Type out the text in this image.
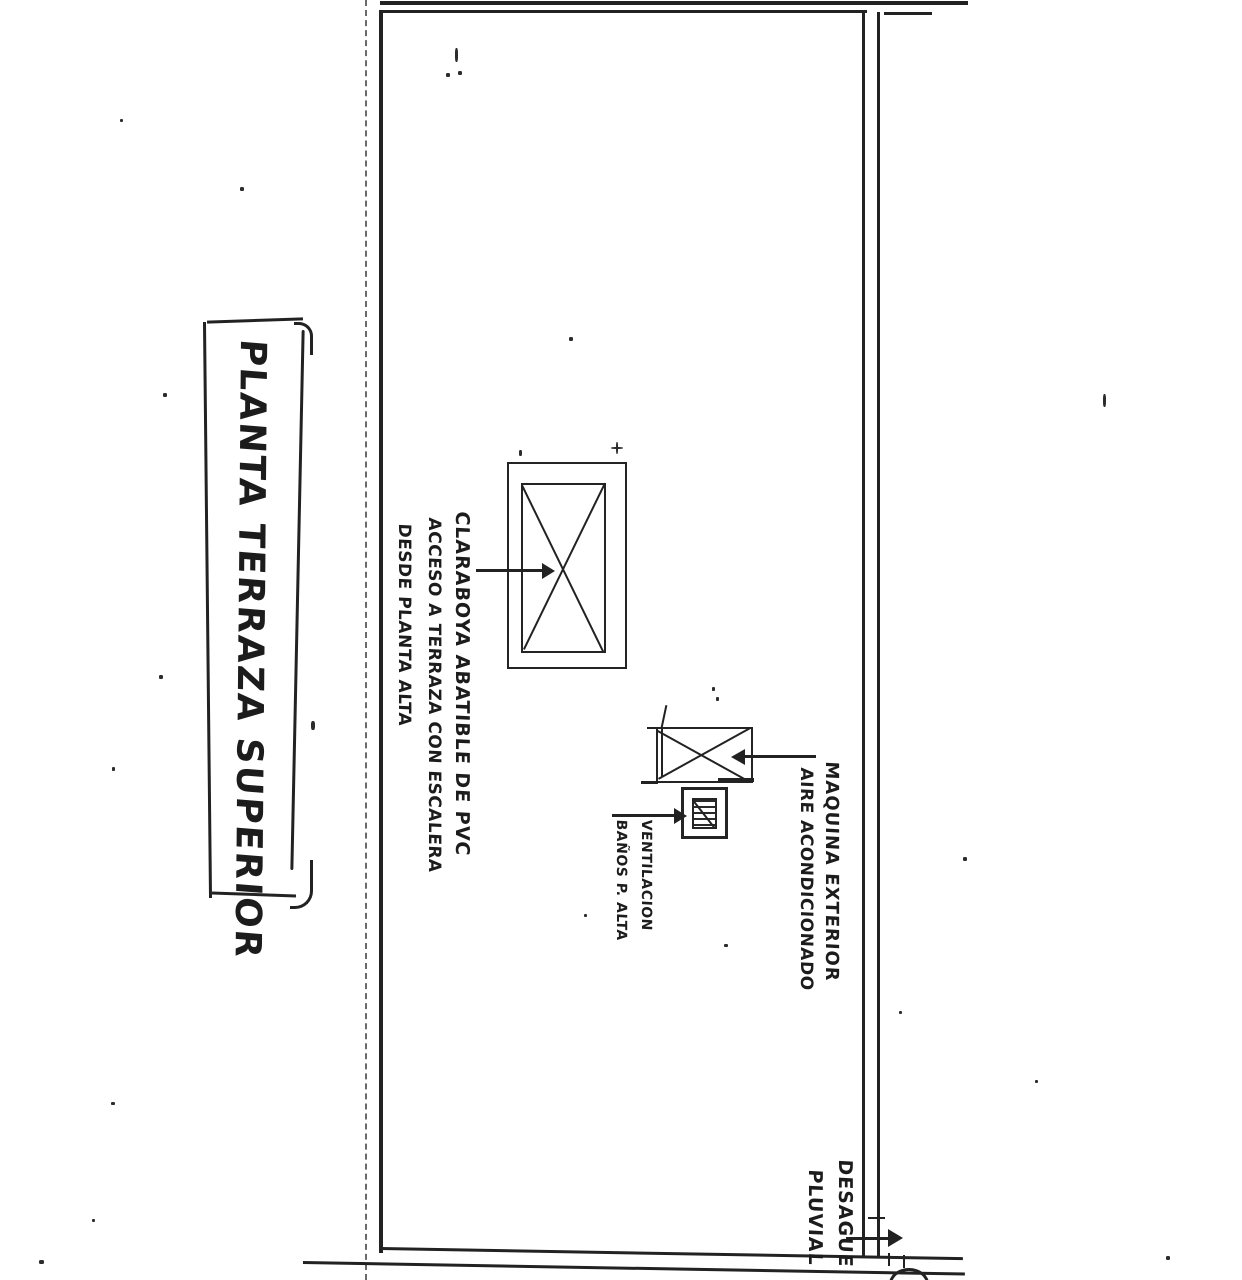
PLANTA TERRAZA SUPERIOR	CLARABOYA ABATIBLE DE PVC
ACCESO A TERRAZA CON ESCALERA
DESDE PLANTA ALTA
MAQUINA EXTERIOR
AIRE ACONDICIONADO
VENTILACION
BAÑOS P. ALTA
DESAGUE
PLUVIAL
